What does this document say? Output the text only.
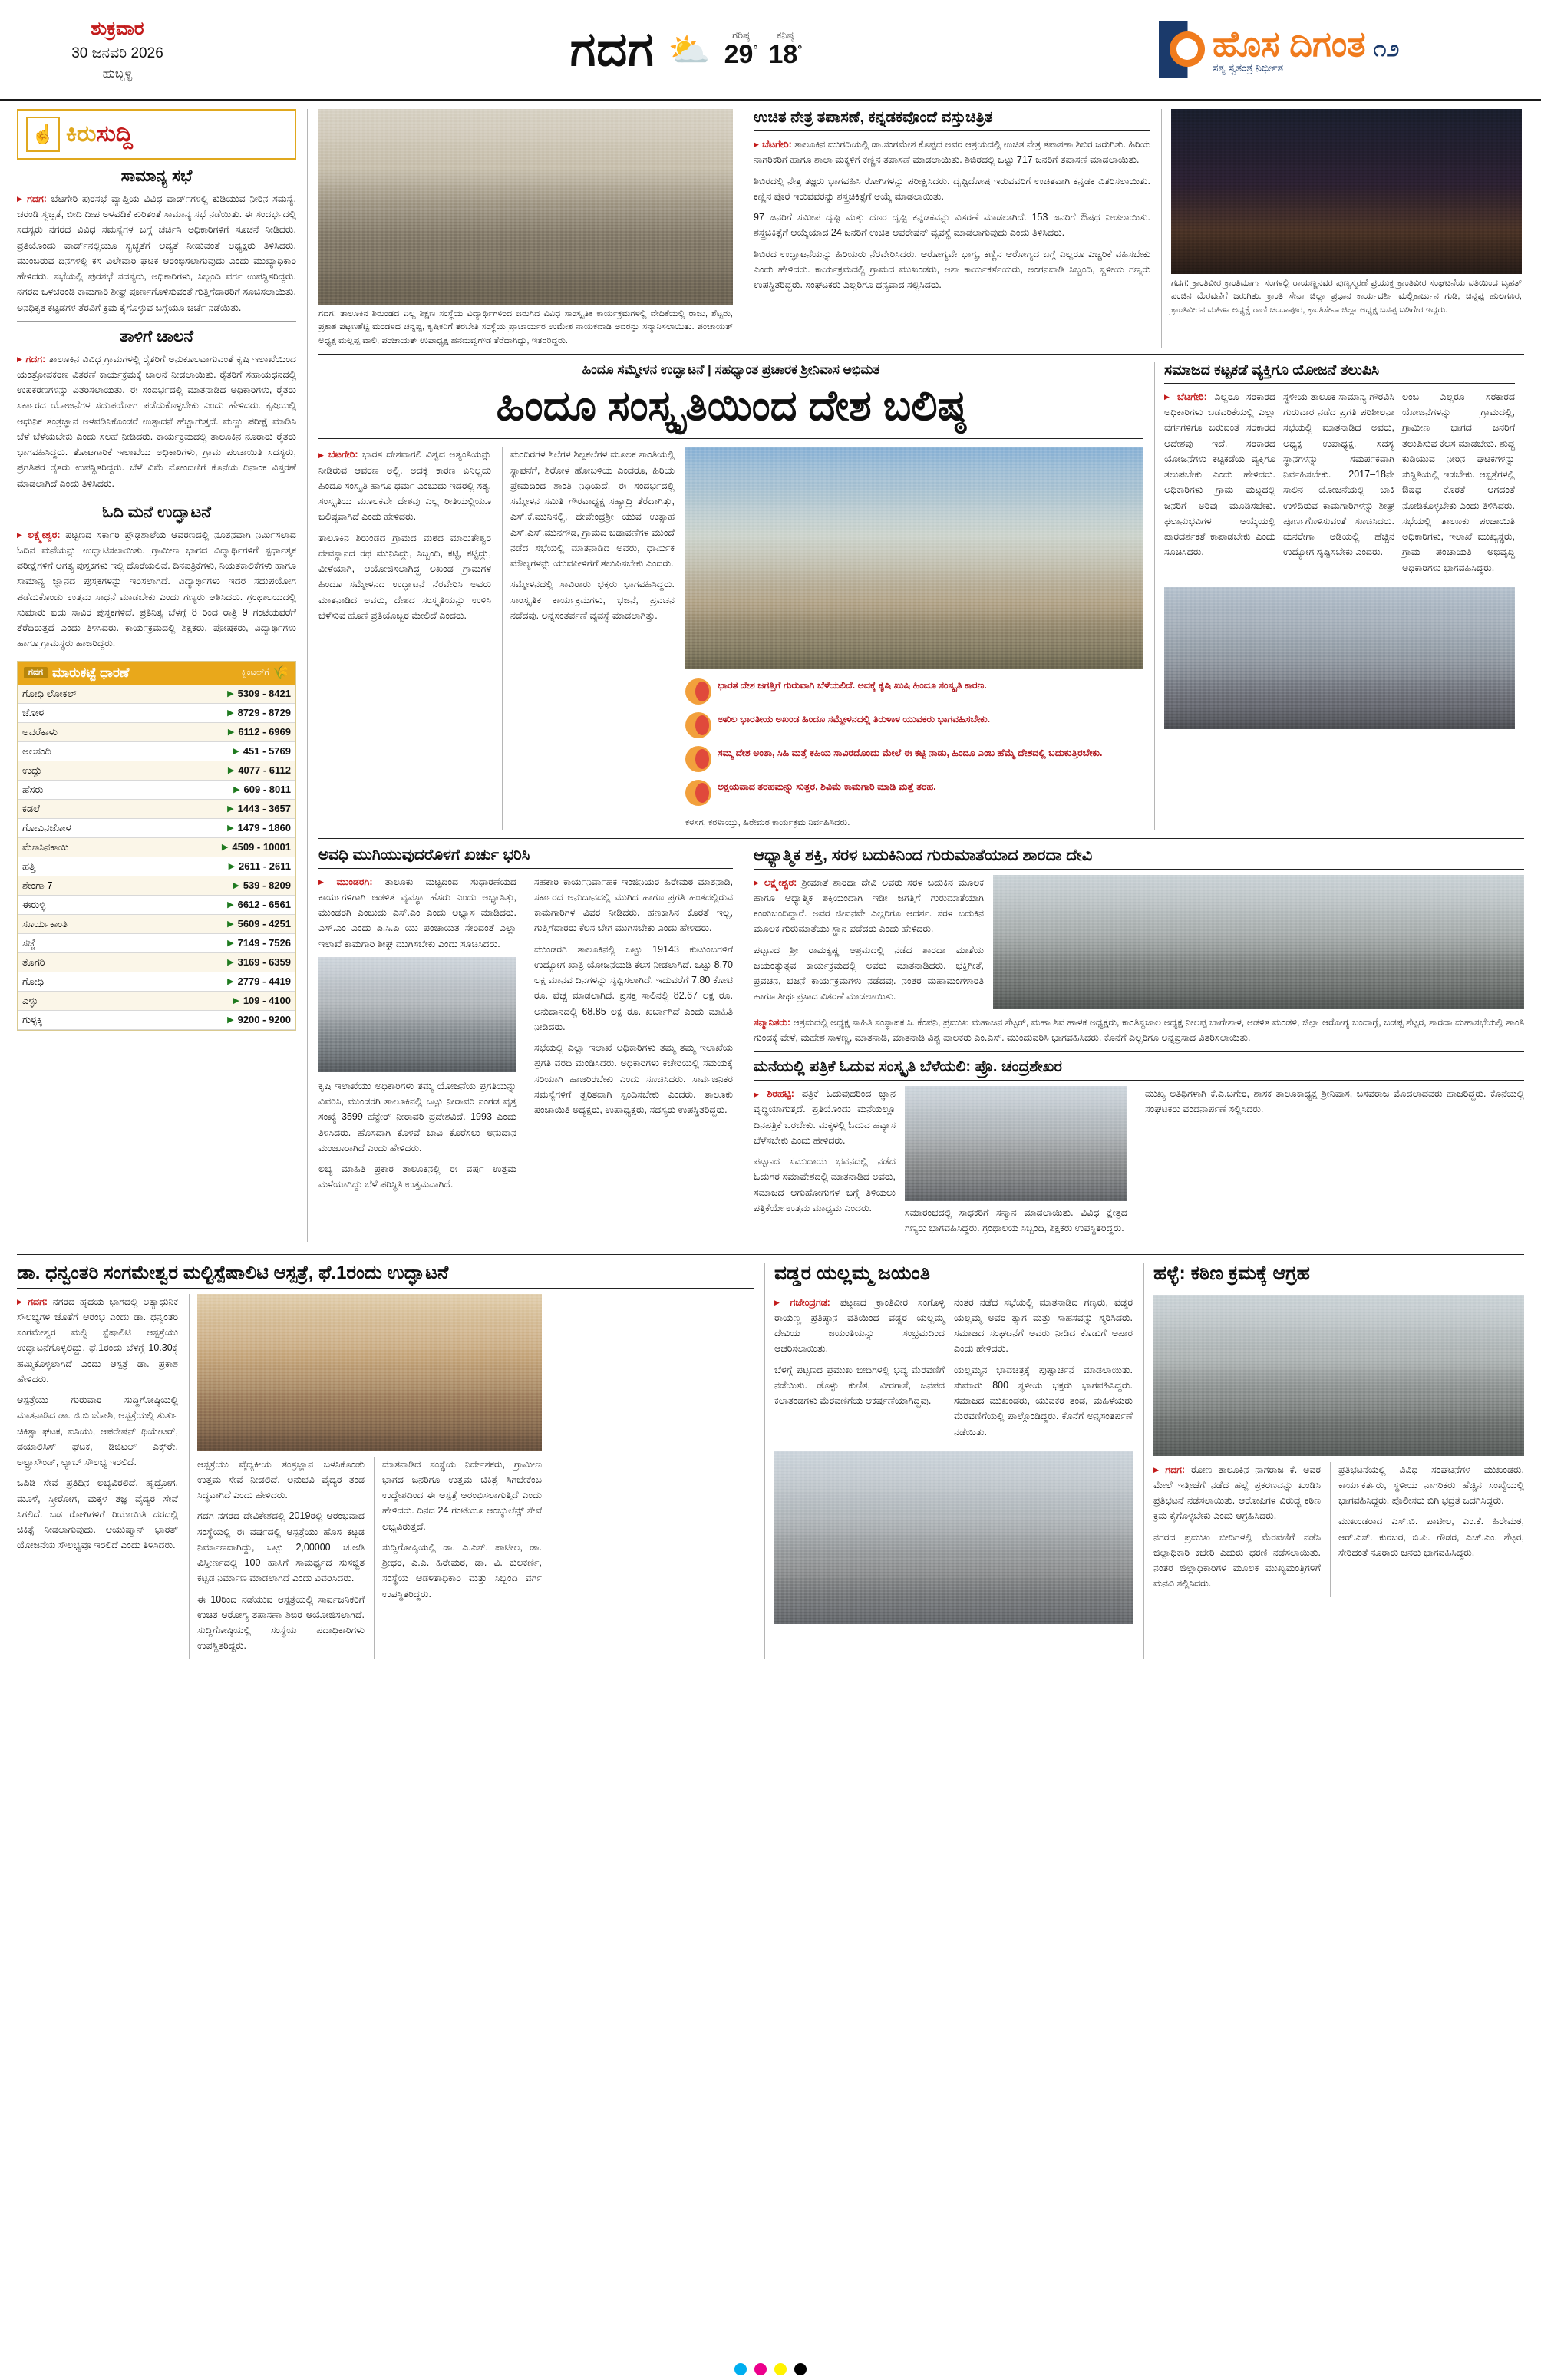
ಶುಕ್ರವಾರ
30 ಜನವರಿ 2026
ಹುಬ್ಬಳ್ಳಿ	ಗದಗ ⛅	ಗರಿಷ್ಠ
29°
ಕನಿಷ್ಠ
18°	ಹೊಸ ದಿಗಂತ
ಸತ್ಯ ಸ್ವತಂತ್ರ ನಿರ್ಭೀತ
೧೨
☝ ಕಿರುಸುದ್ದಿ
ಸಾಮಾನ್ಯ ಸಭೆ

▶ ಗದಗ: ಬೆಟಗೇರಿ ಪುರಸಭೆ ವ್ಯಾಪ್ತಿಯ ವಿವಿಧ ವಾರ್ಡ್‌ಗಳಲ್ಲಿ ಕುಡಿಯುವ ನೀರಿನ ಸಮಸ್ಯೆ, ಚರಂಡಿ ಸ್ವಚ್ಛತೆ, ಬೀದಿ ದೀಪ ಅಳವಡಿಕೆ ಕುರಿತಂತೆ ಸಾಮಾನ್ಯ ಸಭೆ ನಡೆಯಿತು. ಈ ಸಂದರ್ಭದಲ್ಲಿ ಸದಸ್ಯರು ನಗರದ ವಿವಿಧ ಸಮಸ್ಯೆಗಳ ಬಗ್ಗೆ ಚರ್ಚಿಸಿ ಅಧಿಕಾರಿಗಳಿಗೆ ಸೂಚನೆ ನೀಡಿದರು. ಪ್ರತಿಯೊಂದು ವಾರ್ಡ್‌ನಲ್ಲಿಯೂ ಸ್ವಚ್ಛತೆಗೆ ಆದ್ಯತೆ ನೀಡುವಂತೆ ಅಧ್ಯಕ್ಷರು ತಿಳಿಸಿದರು. ಮುಂಬರುವ ದಿನಗಳಲ್ಲಿ ಕಸ ವಿಲೇವಾರಿ ಘಟಕ ಆರಂಭಿಸಲಾಗುವುದು ಎಂದು ಮುಖ್ಯಾಧಿಕಾರಿ ಹೇಳಿದರು. ಸಭೆಯಲ್ಲಿ ಪುರಸಭೆ ಸದಸ್ಯರು, ಅಧಿಕಾರಿಗಳು, ಸಿಬ್ಬಂದಿ ವರ್ಗ ಉಪಸ್ಥಿತರಿದ್ದರು. ನಗರದ ಒಳಚರಂಡಿ ಕಾಮಗಾರಿ ಶೀಘ್ರ ಪೂರ್ಣಗೊಳಿಸುವಂತೆ ಗುತ್ತಿಗೆದಾರರಿಗೆ ಸೂಚಿಸಲಾಯಿತು. ಅನಧಿಕೃತ ಕಟ್ಟಡಗಳ ತೆರವಿಗೆ ಕ್ರಮ ಕೈಗೊಳ್ಳುವ ಬಗ್ಗೆಯೂ ಚರ್ಚೆ ನಡೆಯಿತು.

ತಾಳಿಗೆ ಚಾಲನೆ

▶ ಗದಗ: ತಾಲೂಕಿನ ವಿವಿಧ ಗ್ರಾಮಗಳಲ್ಲಿ ರೈತರಿಗೆ ಅನುಕೂಲವಾಗುವಂತೆ ಕೃಷಿ ಇಲಾಖೆಯಿಂದ ಯಂತ್ರೋಪಕರಣ ವಿತರಣೆ ಕಾರ್ಯಕ್ರಮಕ್ಕೆ ಚಾಲನೆ ನೀಡಲಾಯಿತು. ರೈತರಿಗೆ ಸಹಾಯಧನದಲ್ಲಿ ಉಪಕರಣಗಳನ್ನು ವಿತರಿಸಲಾಯಿತು. ಈ ಸಂದರ್ಭದಲ್ಲಿ ಮಾತನಾಡಿದ ಅಧಿಕಾರಿಗಳು, ರೈತರು ಸರ್ಕಾರದ ಯೋಜನೆಗಳ ಸದುಪಯೋಗ ಪಡೆದುಕೊಳ್ಳಬೇಕು ಎಂದು ಹೇಳಿದರು. ಕೃಷಿಯಲ್ಲಿ ಆಧುನಿಕ ತಂತ್ರಜ್ಞಾನ ಅಳವಡಿಸಿಕೊಂಡರೆ ಉತ್ಪಾದನೆ ಹೆಚ್ಚಾಗುತ್ತದೆ. ಮಣ್ಣು ಪರೀಕ್ಷೆ ಮಾಡಿಸಿ ಬೆಳೆ ಬೆಳೆಯಬೇಕು ಎಂದು ಸಲಹೆ ನೀಡಿದರು. ಕಾರ್ಯಕ್ರಮದಲ್ಲಿ ತಾಲೂಕಿನ ನೂರಾರು ರೈತರು ಭಾಗವಹಿಸಿದ್ದರು. ತೋಟಗಾರಿಕೆ ಇಲಾಖೆಯ ಅಧಿಕಾರಿಗಳು, ಗ್ರಾಮ ಪಂಚಾಯಿತಿ ಸದಸ್ಯರು, ಪ್ರಗತಿಪರ ರೈತರು ಉಪಸ್ಥಿತರಿದ್ದರು. ಬೆಳೆ ವಿಮೆ ನೋಂದಣಿಗೆ ಕೊನೆಯ ದಿನಾಂಕ ವಿಸ್ತರಣೆ ಮಾಡಲಾಗಿದೆ ಎಂದು ತಿಳಿಸಿದರು.

ಓದಿ ಮನೆ ಉದ್ಘಾಟನೆ

▶ ಲಕ್ಷ್ಮೇಶ್ವರ: ಪಟ್ಟಣದ ಸರ್ಕಾರಿ ಪ್ರೌಢಶಾಲೆಯ ಆವರಣದಲ್ಲಿ ನೂತನವಾಗಿ ನಿರ್ಮಿಸಲಾದ ಓದಿನ ಮನೆಯನ್ನು ಉದ್ಘಾಟಿಸಲಾಯಿತು. ಗ್ರಾಮೀಣ ಭಾಗದ ವಿದ್ಯಾರ್ಥಿಗಳಿಗೆ ಸ್ಪರ್ಧಾತ್ಮಕ ಪರೀಕ್ಷೆಗಳಿಗೆ ಅಗತ್ಯ ಪುಸ್ತಕಗಳು ಇಲ್ಲಿ ದೊರೆಯಲಿವೆ. ದಿನಪತ್ರಿಕೆಗಳು, ನಿಯತಕಾಲಿಕೆಗಳು ಹಾಗೂ ಸಾಮಾನ್ಯ ಜ್ಞಾನದ ಪುಸ್ತಕಗಳನ್ನು ಇರಿಸಲಾಗಿದೆ. ವಿದ್ಯಾರ್ಥಿಗಳು ಇದರ ಸದುಪಯೋಗ ಪಡೆದುಕೊಂಡು ಉತ್ತಮ ಸಾಧನೆ ಮಾಡಬೇಕು ಎಂದು ಗಣ್ಯರು ಆಶಿಸಿದರು. ಗ್ರಂಥಾಲಯದಲ್ಲಿ ಸುಮಾರು ಐದು ಸಾವಿರ ಪುಸ್ತಕಗಳಿವೆ. ಪ್ರತಿನಿತ್ಯ ಬೆಳಗ್ಗೆ 8 ರಿಂದ ರಾತ್ರಿ 9 ಗಂಟೆಯವರೆಗೆ ತೆರೆದಿರುತ್ತದೆ ಎಂದು ತಿಳಿಸಿದರು. ಕಾರ್ಯಕ್ರಮದಲ್ಲಿ ಶಿಕ್ಷಕರು, ಪೋಷಕರು, ವಿದ್ಯಾರ್ಥಿಗಳು ಹಾಗೂ ಗ್ರಾಮಸ್ಥರು ಹಾಜರಿದ್ದರು.

ಗದಗ ಮಾರುಕಟ್ಟೆ ಧಾರಣೆ	ಕ್ವಿಂಟಲ್‌ಗೆ 🌾
ಗೋಧಿ ಲೋಕಲ್	▶ 5309 - 8421
ಜೋಳ	▶ 8729 - 8729
ಅವರೆಕಾಳು	▶ 6112 - 6969
ಅಲಸಂದಿ	▶ 451 - 5769
ಉದ್ದು	▶ 4077 - 6112
ಹೆಸರು	▶ 609 - 8011
ಕಡಲೆ	▶ 1443 - 3657
ಗೋವಿನಜೋಳ	▶ 1479 - 1860
ಮೆಣಸಿನಕಾಯಿ	▶ 4509 - 10001
ಹತ್ತಿ	▶ 2611 - 2611
ಶೇಂಗಾ 7	▶ 539 - 8209
ಈರುಳ್ಳಿ	▶ 6612 - 6561
ಸೂರ್ಯಕಾಂತಿ	▶ 5609 - 4251
ಸಜ್ಜೆ	▶ 7149 - 7526
ತೊಗರಿ	▶ 3169 - 6359
ಗೋಧಿ	▶ 2779 - 4419
ಎಳ್ಳು	▶ 109 - 4100
ಗುಳ್ಳಕ್ಕಿ	▶ 9200 - 9200
ಗದಗ: ತಾಲೂಕಿನ ಶಿರುಂಡದ ಎಲ್ಲ ಶಿಕ್ಷಣ ಸಂಸ್ಥೆಯ ವಿದ್ಯಾರ್ಥಿಗಳಿಂದ ಜರುಗಿದ ವಿವಿಧ ಸಾಂಸ್ಕೃತಿಕ ಕಾರ್ಯಕ್ರಮಗಳಲ್ಲಿ ವೇದಿಕೆಯಲ್ಲಿ ರಾಜು, ಶೆಟ್ಟರು, ಪ್ರಕಾಶ ಪಟ್ಟಣಶೆಟ್ಟಿ ಮಂಡಳದ ಚನ್ನಪ್ಪ, ಕೃಷಿಕರಿಗೆ ತರಬೇತಿ ಸಂಸ್ಥೆಯ ಪ್ರಾಚಾರ್ಯರ ಉಮೇಶ ನಾಯಕವಾಡಿ ಅವರನ್ನು ಸನ್ಮಾನಿಸಲಾಯಿತು. ಪಂಚಾಯತ್ ಅಧ್ಯಕ್ಷ ಮಲ್ಲಪ್ಪ ವಾಲಿ, ಪಂಚಾಯತ್ ಉಪಾಧ್ಯಕ್ಷ ಹನಮವ್ವಗೌಡ ತೆರೆದಾಗಿದ್ದು, ಇತರರಿದ್ದರು.
ಉಚಿತ ನೇತ್ರ ತಪಾಸಣೆ, ಕನ್ನಡಕವೊಂದೆ ವಸ್ತುಚಿತ್ರಿತ

▶ ಬೆಟಗೇರಿ: ತಾಲೂಕಿನ ಮುಗದಿಯಲ್ಲಿ ಡಾ.ಸಂಗಮೇಶ ಕೊಪ್ಪದ ಅವರ ಆಶ್ರಯದಲ್ಲಿ ಉಚಿತ ನೇತ್ರ ತಪಾಸಣಾ ಶಿಬಿರ ಜರುಗಿತು. ಹಿರಿಯ ನಾಗರಿಕರಿಗೆ ಹಾಗೂ ಶಾಲಾ ಮಕ್ಕಳಿಗೆ ಕಣ್ಣಿನ ತಪಾಸಣೆ ಮಾಡಲಾಯಿತು. ಶಿಬಿರದಲ್ಲಿ ಒಟ್ಟು 717 ಜನರಿಗೆ ತಪಾಸಣೆ ಮಾಡಲಾಯಿತು.

ಶಿಬಿರದಲ್ಲಿ ನೇತ್ರ ತಜ್ಞರು ಭಾಗವಹಿಸಿ ರೋಗಿಗಳನ್ನು ಪರೀಕ್ಷಿಸಿದರು. ದೃಷ್ಟಿದೋಷ ಇರುವವರಿಗೆ ಉಚಿತವಾಗಿ ಕನ್ನಡಕ ವಿತರಿಸಲಾಯಿತು. ಕಣ್ಣಿನ ಪೊರೆ ಇರುವವರನ್ನು ಶಸ್ತ್ರಚಿಕಿತ್ಸೆಗೆ ಆಯ್ಕೆ ಮಾಡಲಾಯಿತು.

97 ಜನರಿಗೆ ಸಮೀಪ ದೃಷ್ಟಿ ಮತ್ತು ದೂರ ದೃಷ್ಟಿ ಕನ್ನಡಕವನ್ನು ವಿತರಣೆ ಮಾಡಲಾಗಿದೆ. 153 ಜನರಿಗೆ ಔಷಧ ನೀಡಲಾಯಿತು. ಶಸ್ತ್ರಚಿಕಿತ್ಸೆಗೆ ಆಯ್ಕೆಯಾದ 24 ಜನರಿಗೆ ಉಚಿತ ಆಪರೇಷನ್ ವ್ಯವಸ್ಥೆ ಮಾಡಲಾಗುವುದು ಎಂದು ತಿಳಿಸಿದರು.

ಶಿಬಿರದ ಉದ್ಘಾಟನೆಯನ್ನು ಹಿರಿಯರು ನೆರವೇರಿಸಿದರು. ಆರೋಗ್ಯವೇ ಭಾಗ್ಯ, ಕಣ್ಣಿನ ಆರೋಗ್ಯದ ಬಗ್ಗೆ ಎಲ್ಲರೂ ಎಚ್ಚರಿಕೆ ವಹಿಸಬೇಕು ಎಂದು ಹೇಳಿದರು. ಕಾರ್ಯಕ್ರಮದಲ್ಲಿ ಗ್ರಾಮದ ಮುಖಂಡರು, ಆಶಾ ಕಾರ್ಯಕರ್ತೆಯರು, ಅಂಗನವಾಡಿ ಸಿಬ್ಬಂದಿ, ಸ್ಥಳೀಯ ಗಣ್ಯರು ಉಪಸ್ಥಿತರಿದ್ದರು. ಸಂಘಟಕರು ಎಲ್ಲರಿಗೂ ಧನ್ಯವಾದ ಸಲ್ಲಿಸಿದರು.	ಗದಗ: ಕ್ರಾಂತಿವೀರ ಕ್ರಾಂತಿಮಾರ್ಗ ಸಂಗಳಲ್ಲಿ ರಾಯಣ್ಣನವರ ಪುಣ್ಯಸ್ಮರಣೆ ಪ್ರಯುಕ್ತ ಕ್ರಾಂತಿವೀರ ಸಂಘಟನೆಯ ವತಿಯಿಂದ ಬೃಹತ್ ಪಂಜಿನ ಮೆರವಣಿಗೆ ಜರುಗಿತು. ಕ್ರಾಂತಿ ಸೇನಾ ಜಿಲ್ಲಾ ಪ್ರಧಾನ ಕಾರ್ಯದರ್ಶಿ ಮಲ್ಲಿಕಾರ್ಜುನ ಗುಡಿ, ಚಿನ್ನಪ್ಪ ಹುಲಗೂರ, ಕ್ರಾಂತಿವೀರನ ಮಹಿಳಾ ಅಧ್ಯಕ್ಷೆ ರಾಣಿ ಚಂದಾಪೂರ, ಕ್ರಾಂತಿಸೇನಾ ಜಿಲ್ಲಾ ಅಧ್ಯಕ್ಷ ಬಸಪ್ಪ ಬಡಿಗೇರ ಇದ್ದರು.
ಹಿಂದೂ ಸಮ್ಮೇಳನ ಉದ್ಘಾಟನೆ | ಸಹಧ್ಯಾಂತ ಪ್ರಚಾರಕ ಶ್ರೀನಿವಾಸ ಅಭಿಮತ
ಹಿಂದೂ ಸಂಸ್ಕೃತಿಯಿಂದ ದೇಶ ಬಲಿಷ್ಠ

▶ ಬೆಟಗೇರಿ: ಭಾರತ ದೇಶವಾಗಲಿ ವಿಶ್ವದ ಅತ್ಯಂತಿಯನ್ನು ನೀಡಿರುವ ಆವರಣ ಅಲ್ಲಿ. ಅದಕ್ಕೆ ಕಾರಣ ಏನಿಲ್ಲದು ಹಿಂದೂ ಸಂಸ್ಕೃತಿ ಹಾಗೂ ಧರ್ಮ ಎಂಬುದು ಇದರಲ್ಲಿ ಸತ್ಯ. ಸಂಸ್ಕೃತಿಯ ಮೂಲಕವೇ ದೇಶವು ಎಲ್ಲ ರೀತಿಯಲ್ಲಿಯೂ ಬಲಿಷ್ಠವಾಗಿದೆ ಎಂದು ಹೇಳಿದರು.

ತಾಲೂಕಿನ ಶಿರುಂಡದ ಗ್ರಾಮದ ಮಠದ ಮಾರುತೇಶ್ವರ ದೇವಸ್ಥಾನದ ರಥ ಮುನಿಸಿದ್ದು, ಸಿಬ್ಬಂದಿ, ಕಟ್ಟಿ, ಕಟ್ಟಿದ್ದು, ವೀಳೆಯಾಗಿ, ಆಯೋಜಿಸಲಾಗಿದ್ದ ಅಖಂಡ ಗ್ರಾಮಗಳ ಹಿಂದೂ ಸಮ್ಮೇಳನದ ಉದ್ಘಾಟನೆ ನೆರವೇರಿಸಿ ಅವರು ಮಾತನಾಡಿದ ಅವರು, ದೇಶದ ಸಂಸ್ಕೃತಿಯನ್ನು ಉಳಿಸಿ ಬೆಳೆಸುವ ಹೊಣೆ ಪ್ರತಿಯೊಬ್ಬರ ಮೇಲಿದೆ ಎಂದರು.

ಮಂದಿರಗಳ ಶಿಲೆಗಳ ಶಿಲ್ಪಕಲೆಗಳ ಮೂಲಕ ಶಾಂತಿಯಲ್ಲಿ ಸ್ಥಾಪನೆಗೆ, ಶಿರೋಳ ಹೋಬಳಿಯ ಎಂದರೂ, ಹಿರಿಯ ಪ್ರೇಮದಿಂದ ಶಾಂತಿ ನಿಧಿಯದೆ. ಈ ಸಂದರ್ಭದಲ್ಲಿ ಸಮ್ಮೇಳನ ಸಮಿತಿ ಗೌರವಾಧ್ಯಕ್ಷ ಸಹ್ಯಾದ್ರಿ ತೆರೆದಾಗಿತ್ತು, ಎಸ್.ಕೆ.ಮುನಿನಲ್ಲಿ, ದೇವೇಂದ್ರಶ್ರೀ ಯುವ ಉತ್ಸಾಹ ಎಸ್.ಎಸ್.ಮುನಗೌಡ, ಗ್ರಾಮದ ಬಡಾವಣೆಗಳ ಮುಂದೆ ನಡೆದ ಸಭೆಯಲ್ಲಿ ಮಾತನಾಡಿದ ಅವರು, ಧಾರ್ಮಿಕ ಮೌಲ್ಯಗಳನ್ನು ಯುವಪೀಳಿಗೆಗೆ ತಲುಪಿಸಬೇಕು ಎಂದರು.

ಸಮ್ಮೇಳನದಲ್ಲಿ ಸಾವಿರಾರು ಭಕ್ತರು ಭಾಗವಹಿಸಿದ್ದರು. ಸಾಂಸ್ಕೃತಿಕ ಕಾರ್ಯಕ್ರಮಗಳು, ಭಜನೆ, ಪ್ರವಚನ ನಡೆದವು. ಅನ್ನಸಂತರ್ಪಣೆ ವ್ಯವಸ್ಥೆ ಮಾಡಲಾಗಿತ್ತು.

ಭಾರತ ದೇಶ ಜಗತ್ತಿಗೆ ಗುರುವಾಗಿ ಬೆಳೆಯಲಿದೆ. ಅದಕ್ಕೆ ಕೃಷಿ ಖುಷಿ ಹಿಂದೂ ಸಂಸ್ಕೃತಿ ಕಾರಣ.
ಅಖಿಲ ಭಾರತೀಯ ಅಖಂಡ ಹಿಂದೂ ಸಮ್ಮೇಳನದಲ್ಲಿ ತಿರುಳಾಳ ಯುವಕರು ಭಾಗವಹಿಸಬೇಕು.
ಸಮ್ಮ ದೇಶ ಅಂತಾ, ಸಿಹಿ ಮತ್ತೆ ಕಹಿಯ ಸಾವಿರದೊಂದು ಮೇಲೆ ಈ ಕಟ್ಟಿ ನಾಡು, ಹಿಂದೂ ಎಂಬ ಹೆಮ್ಮೆ ದೇಶದಲ್ಲಿ ಬದುಕುತ್ತಿರಬೇಕು.
ಅಕ್ಷಯವಾದ ತರಹಮನ್ನು ಸುತ್ತರ, ಶಿವಿಮೆ ಕಾಮಗಾರಿ ಮಾಡಿ ಮತ್ತೆ ತರಹ.
ಕಳಸಗ, ಕರಳಾಯ್ತು, ಹಿರೇಮಠ ಕಾರ್ಯಕ್ರಮ ನಿರ್ವಹಿಸಿದರು.
ಸಮಾಜದ ಕಟ್ಟಕಡೆ ವ್ಯಕ್ತಿಗೂ ಯೋಜನೆ ತಲುಪಿಸಿ

▶ ಬೆಟಗೇರಿ: ಎಲ್ಲರೂ ಸರಕಾರದ ಅಧಿಕಾರಿಗಳು ಬಡವರಿಕೆಯಲ್ಲಿ ಎಲ್ಲಾ ವರ್ಗಗಳಿಗೂ ಬರುವಂತೆ ಸರಕಾರದ ಆದೇಶವು ಇದೆ. ಸರಕಾರದ ಯೋಜನೆಗಳು ಕಟ್ಟಕಡೆಯ ವ್ಯಕ್ತಿಗೂ ತಲುಪಬೇಕು ಎಂದು ಹೇಳಿದರು. ಅಧಿಕಾರಿಗಳು ಗ್ರಾಮ ಮಟ್ಟದಲ್ಲಿ ಜನರಿಗೆ ಅರಿವು ಮೂಡಿಸಬೇಕು. ಫಲಾನುಭವಿಗಳ ಆಯ್ಕೆಯಲ್ಲಿ ಪಾರದರ್ಶಕತೆ ಕಾಪಾಡಬೇಕು ಎಂದು ಸೂಚಿಸಿದರು.

ಸ್ಥಳೀಯ ತಾಲೂಕ ಸಾಮಾನ್ಯ ಗೌರವಿಸಿ ಗುರುವಾರ ನಡೆದ ಪ್ರಗತಿ ಪರಿಶೀಲನಾ ಸಭೆಯಲ್ಲಿ ಮಾತನಾಡಿದ ಅವರು, ಅಧ್ಯಕ್ಷ ಉಪಾಧ್ಯಕ್ಷ, ಸದಸ್ಯ ಸ್ಥಾನಗಳನ್ನು ಸಮರ್ಪಕವಾಗಿ ನಿರ್ವಹಿಸಬೇಕು. 2017–18ನೇ ಸಾಲಿನ ಯೋಜನೆಯಲ್ಲಿ ಬಾಕಿ ಉಳಿದಿರುವ ಕಾಮಗಾರಿಗಳನ್ನು ಶೀಘ್ರ ಪೂರ್ಣಗೊಳಿಸುವಂತೆ ಸೂಚಿಸಿದರು. ಮನರೇಗಾ ಅಡಿಯಲ್ಲಿ ಹೆಚ್ಚಿನ ಉದ್ಯೋಗ ಸೃಷ್ಟಿಸಬೇಕು ಎಂದರು.

ಲಂಬ ಎಲ್ಲರೂ ಸರಕಾರದ ಯೋಜನೆಗಳನ್ನು ಗ್ರಾಮದಲ್ಲಿ, ಗ್ರಾಮೀಣ ಭಾಗದ ಜನರಿಗೆ ತಲುಪಿಸುವ ಕೆಲಸ ಮಾಡಬೇಕು. ಶುದ್ಧ ಕುಡಿಯುವ ನೀರಿನ ಘಟಕಗಳನ್ನು ಸುಸ್ಥಿತಿಯಲ್ಲಿ ಇಡಬೇಕು. ಆಸ್ಪತ್ರೆಗಳಲ್ಲಿ ಔಷಧ ಕೊರತೆ ಆಗದಂತೆ ನೋಡಿಕೊಳ್ಳಬೇಕು ಎಂದು ತಿಳಿಸಿದರು. ಸಭೆಯಲ್ಲಿ ತಾಲೂಕು ಪಂಚಾಯಿತಿ ಅಧಿಕಾರಿಗಳು, ಇಲಾಖೆ ಮುಖ್ಯಸ್ಥರು, ಗ್ರಾಮ ಪಂಚಾಯಿತಿ ಅಭಿವೃದ್ಧಿ ಅಧಿಕಾರಿಗಳು ಭಾಗವಹಿಸಿದ್ದರು.

ಅವಧಿ ಮುಗಿಯುವುದರೊಳಗೆ ಖರ್ಚು ಭರಿಸಿ

▶ ಮುಂಡರಗಿ: ತಾಲೂಕು ಮಟ್ಟದಿಂದ ಸುಧಾರಣೆಯದ ಕಾರ್ಯಗಳಿಗಾಗಿ ಆಡಳಿತ ವ್ಯವಸ್ಥಾ ಹೆಸರು ಎಂದು ಅಭ್ಯಾಸಿತ್ತು, ಮುಂಡರಗಿ ಎಂಬುದು ಎಸ್.ಎಂ ಎಂದು ಅಭ್ಯಾಸ ಮಾಡಿದರು. ಎಸ್.ಎಂ ಎಂದು ಪಿ.ಸಿ.ಪಿ ಯು ಪಂಚಾಯತ ಸೇರಿದಂತೆ ಎಲ್ಲಾ ಇಲಾಖೆ ಕಾಮಗಾರಿ ಶೀಘ್ರ ಮುಗಿಸಬೇಕು ಎಂದು ಸೂಚಿಸಿದರು.

ಕೃಷಿ ಇಲಾಖೆಯು ಅಧಿಕಾರಿಗಳು ತಮ್ಮ ಯೋಜನೆಯ ಪ್ರಗತಿಯನ್ನು ವಿವರಿಸಿ, ಮುಂಡರಗಿ ತಾಲೂಕಿನಲ್ಲಿ ಒಟ್ಟು ನೀರಾವರಿ ನಂಗಡ ವೃತ್ತ ಸಂಖ್ಯೆ 3599 ಹೆಕ್ಟೇರ್ ನೀರಾವರಿ ಪ್ರದೇಶವಿದೆ. 1993 ಎಂದು ತಿಳಿಸಿದರು. ಹೊಸದಾಗಿ ಕೊಳವೆ ಬಾವಿ ಕೊರೆಸಲು ಅನುದಾನ ಮಂಜೂರಾಗಿದೆ ಎಂದು ಹೇಳಿದರು.

ಲಭ್ಯ ಮಾಹಿತಿ ಪ್ರಕಾರ ತಾಲೂಕಿನಲ್ಲಿ ಈ ವರ್ಷ ಉತ್ತಮ ಮಳೆಯಾಗಿದ್ದು ಬೆಳೆ ಪರಿಸ್ಥಿತಿ ಉತ್ತಮವಾಗಿದೆ.

ಸಹಕಾರಿ ಕಾರ್ಯನಿರ್ವಾಹಕ ಇಂಜಿನಿಯರ ಹಿರೇಮಠ ಮಾತನಾಡಿ, ಸರ್ಕಾರದ ಅನುದಾನದಲ್ಲಿ ಮುಗಿದ ಹಾಗೂ ಪ್ರಗತಿ ಹಂತದಲ್ಲಿರುವ ಕಾಮಗಾರಿಗಳ ವಿವರ ನೀಡಿದರು. ಹಣಕಾಸಿನ ಕೊರತೆ ಇಲ್ಲ, ಗುತ್ತಿಗೆದಾರರು ಕೆಲಸ ಬೇಗ ಮುಗಿಸಬೇಕು ಎಂದು ಹೇಳಿದರು.

ಮುಂಡರಗಿ ತಾಲೂಕಿನಲ್ಲಿ ಒಟ್ಟು 19143 ಕುಟುಂಬಗಳಿಗೆ ಉದ್ಯೋಗ ಖಾತ್ರಿ ಯೋಜನೆಯಡಿ ಕೆಲಸ ನೀಡಲಾಗಿದೆ. ಒಟ್ಟು 8.70 ಲಕ್ಷ ಮಾನವ ದಿನಗಳನ್ನು ಸೃಷ್ಟಿಸಲಾಗಿದೆ. ಇದುವರೆಗೆ 7.80 ಕೋಟಿ ರೂ. ವೆಚ್ಚ ಮಾಡಲಾಗಿದೆ. ಪ್ರಸಕ್ತ ಸಾಲಿನಲ್ಲಿ 82.67 ಲಕ್ಷ ರೂ. ಅನುದಾನದಲ್ಲಿ 68.85 ಲಕ್ಷ ರೂ. ಖರ್ಚಾಗಿದೆ ಎಂದು ಮಾಹಿತಿ ನೀಡಿದರು.

ಸಭೆಯಲ್ಲಿ ಎಲ್ಲಾ ಇಲಾಖೆ ಅಧಿಕಾರಿಗಳು ತಮ್ಮ ತಮ್ಮ ಇಲಾಖೆಯ ಪ್ರಗತಿ ವರದಿ ಮಂಡಿಸಿದರು. ಅಧಿಕಾರಿಗಳು ಕಚೇರಿಯಲ್ಲಿ ಸಮಯಕ್ಕೆ ಸರಿಯಾಗಿ ಹಾಜರಿರಬೇಕು ಎಂದು ಸೂಚಿಸಿದರು. ಸಾರ್ವಜನಿಕರ ಸಮಸ್ಯೆಗಳಿಗೆ ತ್ವರಿತವಾಗಿ ಸ್ಪಂದಿಸಬೇಕು ಎಂದರು. ತಾಲೂಕು ಪಂಚಾಯಿತಿ ಅಧ್ಯಕ್ಷರು, ಉಪಾಧ್ಯಕ್ಷರು, ಸದಸ್ಯರು ಉಪಸ್ಥಿತರಿದ್ದರು.

ಆಧ್ಯಾತ್ಮಿಕ ಶಕ್ತಿ, ಸರಳ ಬದುಕಿನಿಂದ ಗುರುಮಾತೆಯಾದ ಶಾರದಾ ದೇವಿ

▶ ಲಕ್ಷ್ಮೇಶ್ವರ: ಶ್ರೀಮಾತೆ ಶಾರದಾ ದೇವಿ ಅವರು ಸರಳ ಬದುಕಿನ ಮೂಲಕ ಹಾಗೂ ಆಧ್ಯಾತ್ಮಿಕ ಶಕ್ತಿಯಿಂದಾಗಿ ಇಡೀ ಜಗತ್ತಿಗೆ ಗುರುಮಾತೆಯಾಗಿ ಕಂಡುಬಂದಿದ್ದಾರೆ. ಅವರ ಜೀವನವೇ ಎಲ್ಲರಿಗೂ ಆದರ್ಶ. ಸರಳ ಬದುಕಿನ ಮೂಲಕ ಗುರುಮಾತೆಯು ಸ್ಥಾನ ಪಡೆದರು ಎಂದು ಹೇಳಿದರು.

ಪಟ್ಟಣದ ಶ್ರೀ ರಾಮಕೃಷ್ಣ ಆಶ್ರಮದಲ್ಲಿ ನಡೆದ ಶಾರದಾ ಮಾತೆಯ ಜಯಂತ್ಯುತ್ಸವ ಕಾರ್ಯಕ್ರಮದಲ್ಲಿ ಅವರು ಮಾತನಾಡಿದರು. ಭಕ್ತಿಗೀತೆ, ಪ್ರವಚನ, ಭಜನೆ ಕಾರ್ಯಕ್ರಮಗಳು ನಡೆದವು. ನಂತರ ಮಹಾಮಂಗಳಾರತಿ ಹಾಗೂ ತೀರ್ಥಪ್ರಸಾದ ವಿತರಣೆ ಮಾಡಲಾಯಿತು.

ಸನ್ಮಾನಿತರು: ಆಶ್ರಮದಲ್ಲಿ ಅಧ್ಯಕ್ಷ ಸಾಹಿತಿ ಸಂಸ್ಥಾಪಕ ಸಿ. ಕೆಂಪನಿ, ಪ್ರಮುಖ ಮಹಾಜನ ಶೆಟ್ಟರ್, ಮಹಾ ಶಿವ ಹಾಳಕ ಅಧ್ಯಕ್ಷರು, ಕಾಂತಿಸ್ಥಜಾಲ ಅಧ್ಯಕ್ಷ ನೀಲಪ್ಪ ಬಾಗೇಶಾಳ, ಆಡಳಿತ ಮಂಡಳಿ, ಜಿಲ್ಲಾ ಆರೋಗ್ಯ ಬಂದಾಗ್ಗೆ, ಬಡಪ್ಪ ಶೆಟ್ಟರ, ಶಾರದಾ ಮಹಾಸಭೆಯಲ್ಲಿ ಶಾಂತಿ ಗುಂಡಕ್ಕೆ ವೇಳೆ, ಮಹೇಶ ಸಾಳಣ್ಣ, ಮಾತನಾಡಿ, ಮಾತನಾಡಿ ವಿಶ್ವ ಪಾಲಕರು ಎಂ.ಎಸ್. ಮುಂದುವರಿಸಿ ಭಾಗವಹಿಸಿದರು. ಕೊನೆಗೆ ಎಲ್ಲರಿಗೂ ಅನ್ನಪ್ರಸಾದ ವಿತರಿಸಲಾಯಿತು.

ಮನೆಯಲ್ಲಿ ಪತ್ರಿಕೆ ಓದುವ ಸಂಸ್ಕೃತಿ ಬೆಳೆಯಲಿ: ಪ್ರೊ. ಚಂದ್ರಶೇಖರ

▶ ಶಿರಹಟ್ಟಿ: ಪತ್ರಿಕೆ ಓದುವುದರಿಂದ ಜ್ಞಾನ ವೃದ್ಧಿಯಾಗುತ್ತದೆ. ಪ್ರತಿಯೊಂದು ಮನೆಯಲ್ಲೂ ದಿನಪತ್ರಿಕೆ ಬರಬೇಕು. ಮಕ್ಕಳಲ್ಲಿ ಓದುವ ಹವ್ಯಾಸ ಬೆಳೆಸಬೇಕು ಎಂದು ಹೇಳಿದರು.

ಪಟ್ಟಣದ ಸಮುದಾಯ ಭವನದಲ್ಲಿ ನಡೆದ ಓದುಗರ ಸಮಾವೇಶದಲ್ಲಿ ಮಾತನಾಡಿದ ಅವರು, ಸಮಾಜದ ಆಗುಹೋಗುಗಳ ಬಗ್ಗೆ ತಿಳಿಯಲು ಪತ್ರಿಕೆಯೇ ಉತ್ತಮ ಮಾಧ್ಯಮ ಎಂದರು.	ಸಮಾರಂಭದಲ್ಲಿ ಸಾಧಕರಿಗೆ ಸನ್ಮಾನ ಮಾಡಲಾಯಿತು. ವಿವಿಧ ಕ್ಷೇತ್ರದ ಗಣ್ಯರು ಭಾಗವಹಿಸಿದ್ದರು. ಗ್ರಂಥಾಲಯ ಸಿಬ್ಬಂದಿ, ಶಿಕ್ಷಕರು ಉಪಸ್ಥಿತರಿದ್ದರು.

ಮುಖ್ಯ ಅತಿಥಿಗಳಾಗಿ ಕೆ.ಎ.ಬಗೇರ, ಶಾಸಕ ತಾಲೂಕಾಧ್ಯಕ್ಷ ಶ್ರೀನಿವಾಸ, ಬಸವರಾಜ ಮೊದಲಾದವರು ಹಾಜರಿದ್ದರು. ಕೊನೆಯಲ್ಲಿ ಸಂಘಟಕರು ವಂದನಾರ್ಪಣೆ ಸಲ್ಲಿಸಿದರು.

ಡಾ. ಧನ್ವಂತರಿ ಸಂಗಮೇಶ್ವರ ಮಲ್ಟಿಸ್ಪೆಷಾಲಿಟಿ ಆಸ್ಪತ್ರೆ, ಫೆ.1ರಂದು ಉದ್ಘಾಟನೆ

▶ ಗದಗ: ನಗರದ ಹೃದಯ ಭಾಗದಲ್ಲಿ ಅತ್ಯಾಧುನಿಕ ಸೌಲಭ್ಯಗಳ ಜೊತೆಗೆ ಆರಂಭ ಎಂದು ಡಾ. ಧನ್ವಂತರಿ ಸಂಗಮೇಶ್ವರ ಮಲ್ಟಿ ಸ್ಪೆಷಾಲಿಟಿ ಆಸ್ಪತ್ರೆಯು ಉದ್ಘಾಟನೆಗೊಳ್ಳಲಿದ್ದು, ಫೆ.1ರಂದು ಬೆಳಗ್ಗೆ 10.30ಕ್ಕೆ ಹಮ್ಮಿಕೊಳ್ಳಲಾಗಿದೆ ಎಂದು ಆಸ್ಪತ್ರೆ ಡಾ. ಪ್ರಕಾಶ ಹೇಳಿದರು.

ಆಸ್ಪತ್ರೆಯು ಗುರುವಾರ ಸುದ್ದಿಗೋಷ್ಠಿಯಲ್ಲಿ ಮಾತನಾಡಿದ ಡಾ. ಜಿ.ಬಿ ಜೋಶಿ, ಆಸ್ಪತ್ರೆಯಲ್ಲಿ ತುರ್ತು ಚಿಕಿತ್ಸಾ ಘಟಕ, ಐಸಿಯು, ಆಪರೇಷನ್ ಥಿಯೇಟರ್, ಡಯಾಲಿಸಿಸ್ ಘಟಕ, ಡಿಜಿಟಲ್ ಎಕ್ಸ್‌ರೇ, ಅಲ್ಟ್ರಾಸೌಂಡ್, ಲ್ಯಾಬ್ ಸೌಲಭ್ಯ ಇರಲಿದೆ.

ಒಪಿಡಿ ಸೇವೆ ಪ್ರತಿದಿನ ಲಭ್ಯವಿರಲಿದೆ. ಹೃದ್ರೋಗ, ಮೂಳೆ, ಸ್ತ್ರೀರೋಗ, ಮಕ್ಕಳ ತಜ್ಞ ವೈದ್ಯರ ಸೇವೆ ಸಿಗಲಿದೆ. ಬಡ ರೋಗಿಗಳಿಗೆ ರಿಯಾಯಿತಿ ದರದಲ್ಲಿ ಚಿಕಿತ್ಸೆ ನೀಡಲಾಗುವುದು. ಆಯುಷ್ಮಾನ್ ಭಾರತ್ ಯೋಜನೆಯ ಸೌಲಭ್ಯವೂ ಇರಲಿದೆ ಎಂದು ತಿಳಿಸಿದರು.

ಆಸ್ಪತ್ರೆಯು ವೈದ್ಯಕೀಯ ತಂತ್ರಜ್ಞಾನ ಬಳಸಿಕೊಂಡು ಉತ್ತಮ ಸೇವೆ ನೀಡಲಿದೆ. ಅನುಭವಿ ವೈದ್ಯರ ತಂಡ ಸಿದ್ಧವಾಗಿದೆ ಎಂದು ಹೇಳಿದರು.

ಗದಗ ನಗರದ ದೇವಿಕೇಶದಲ್ಲಿ 2019ರಲ್ಲಿ ಆರಂಭವಾದ ಸಂಸ್ಥೆಯಲ್ಲಿ ಈ ವರ್ಷದಲ್ಲಿ ಆಸ್ಪತ್ರೆಯು ಹೊಸ ಕಟ್ಟಡ ನಿರ್ಮಾಣವಾಗಿದ್ದು, ಒಟ್ಟು 2,00000 ಚ.ಅಡಿ ವಿಸ್ತೀರ್ಣದಲ್ಲಿ 100 ಹಾಸಿಗೆ ಸಾಮರ್ಥ್ಯದ ಸುಸಜ್ಜಿತ ಕಟ್ಟಡ ನಿರ್ಮಾಣ ಮಾಡಲಾಗಿದೆ ಎಂದು ವಿವರಿಸಿದರು.

ಈ 10ರಿಂದ ನಡೆಯುವ ಆಸ್ಪತ್ರೆಯಲ್ಲಿ ಸಾರ್ವಜನಿಕರಿಗೆ ಉಚಿತ ಆರೋಗ್ಯ ತಪಾಸಣಾ ಶಿಬಿರ ಆಯೋಜಿಸಲಾಗಿದೆ. ಸುದ್ದಿಗೋಷ್ಠಿಯಲ್ಲಿ ಸಂಸ್ಥೆಯ ಪದಾಧಿಕಾರಿಗಳು ಉಪಸ್ಥಿತರಿದ್ದರು.

ಮಾತನಾಡಿದ ಸಂಸ್ಥೆಯ ನಿರ್ದೇಶಕರು, ಗ್ರಾಮೀಣ ಭಾಗದ ಜನರಿಗೂ ಉತ್ತಮ ಚಿಕಿತ್ಸೆ ಸಿಗಬೇಕೆಂಬ ಉದ್ದೇಶದಿಂದ ಈ ಆಸ್ಪತ್ರೆ ಆರಂಭಿಸಲಾಗುತ್ತಿದೆ ಎಂದು ಹೇಳಿದರು. ದಿನದ 24 ಗಂಟೆಯೂ ಆಂಬ್ಯುಲೆನ್ಸ್ ಸೇವೆ ಲಭ್ಯವಿರುತ್ತದೆ.

ಸುದ್ದಿಗೋಷ್ಠಿಯಲ್ಲಿ ಡಾ. ಎ.ಎಸ್. ಪಾಟೀಲ, ಡಾ. ಶ್ರೀಧರ, ಎ.ಎ. ಹಿರೇಮಠ, ಡಾ. ವಿ. ಕುಲಕರ್ಣಿ, ಸಂಸ್ಥೆಯ ಆಡಳಿತಾಧಿಕಾರಿ ಮತ್ತು ಸಿಬ್ಬಂದಿ ವರ್ಗ ಉಪಸ್ಥಿತರಿದ್ದರು.

ವಡ್ಡರ ಯಲ್ಲಮ್ಮ ಜಯಂತಿ

▶ ಗಜೇಂದ್ರಗಡ: ಪಟ್ಟಣದ ಕ್ರಾಂತಿವೀರ ಸಂಗೊಳ್ಳಿ ರಾಯಣ್ಣ ಪ್ರತಿಷ್ಠಾನ ವತಿಯಿಂದ ವಡ್ಡರ ಯಲ್ಲಮ್ಮ ದೇವಿಯ ಜಯಂತಿಯನ್ನು ಸಂಭ್ರಮದಿಂದ ಆಚರಿಸಲಾಯಿತು.

ಬೆಳಗ್ಗೆ ಪಟ್ಟಣದ ಪ್ರಮುಖ ಬೀದಿಗಳಲ್ಲಿ ಭವ್ಯ ಮೆರವಣಿಗೆ ನಡೆಯಿತು. ಡೊಳ್ಳು ಕುಣಿತ, ವೀರಗಾಸೆ, ಜನಪದ ಕಲಾತಂಡಗಳು ಮೆರವಣಿಗೆಯ ಆಕರ್ಷಣೆಯಾಗಿದ್ದವು.

ನಂತರ ನಡೆದ ಸಭೆಯಲ್ಲಿ ಮಾತನಾಡಿದ ಗಣ್ಯರು, ವಡ್ಡರ ಯಲ್ಲಮ್ಮ ಅವರ ತ್ಯಾಗ ಮತ್ತು ಸಾಹಸವನ್ನು ಸ್ಮರಿಸಿದರು. ಸಮಾಜದ ಸಂಘಟನೆಗೆ ಅವರು ನೀಡಿದ ಕೊಡುಗೆ ಅಪಾರ ಎಂದು ಹೇಳಿದರು.

ಯಲ್ಲಮ್ಮನ ಭಾವಚಿತ್ರಕ್ಕೆ ಪುಷ್ಪಾರ್ಚನೆ ಮಾಡಲಾಯಿತು. ಸುಮಾರು 800 ಸ್ಥಳೀಯ ಭಕ್ತರು ಭಾಗವಹಿಸಿದ್ದರು. ಸಮಾಜದ ಮುಖಂಡರು, ಯುವಕರ ತಂಡ, ಮಹಿಳೆಯರು ಮೆರವಣಿಗೆಯಲ್ಲಿ ಪಾಲ್ಗೊಂಡಿದ್ದರು. ಕೊನೆಗೆ ಅನ್ನಸಂತರ್ಪಣೆ ನಡೆಯಿತು.

ಹಳ್ಳೆ: ಕಠಿಣ ಕ್ರಮಕ್ಕೆ ಆಗ್ರಹ

▶ ಗದಗ: ರೋಣ ತಾಲೂಕಿನ ನಾಗರಾಜ ಕೆ. ಅವರ ಮೇಲೆ ಇತ್ತೀಚೆಗೆ ನಡೆದ ಹಲ್ಲೆ ಪ್ರಕರಣವನ್ನು ಖಂಡಿಸಿ ಪ್ರತಿಭಟನೆ ನಡೆಸಲಾಯಿತು. ಆರೋಪಿಗಳ ವಿರುದ್ಧ ಕಠಿಣ ಕ್ರಮ ಕೈಗೊಳ್ಳಬೇಕು ಎಂದು ಆಗ್ರಹಿಸಿದರು.

ನಗರದ ಪ್ರಮುಖ ಬೀದಿಗಳಲ್ಲಿ ಮೆರವಣಿಗೆ ನಡೆಸಿ ಜಿಲ್ಲಾಧಿಕಾರಿ ಕಚೇರಿ ಎದುರು ಧರಣಿ ನಡೆಸಲಾಯಿತು. ನಂತರ ಜಿಲ್ಲಾಧಿಕಾರಿಗಳ ಮೂಲಕ ಮುಖ್ಯಮಂತ್ರಿಗಳಿಗೆ ಮನವಿ ಸಲ್ಲಿಸಿದರು.

ಪ್ರತಿಭಟನೆಯಲ್ಲಿ ವಿವಿಧ ಸಂಘಟನೆಗಳ ಮುಖಂಡರು, ಕಾರ್ಯಕರ್ತರು, ಸ್ಥಳೀಯ ನಾಗರಿಕರು ಹೆಚ್ಚಿನ ಸಂಖ್ಯೆಯಲ್ಲಿ ಭಾಗವಹಿಸಿದ್ದರು. ಪೊಲೀಸರು ಬಿಗಿ ಭದ್ರತೆ ಒದಗಿಸಿದ್ದರು.

ಮುಖಂಡರಾದ ಎಸ್.ಬಿ. ಪಾಟೀಲ, ಎಂ.ಕೆ. ಹಿರೇಮಠ, ಆರ್.ಎಸ್. ಕುರಬರ, ಬಿ.ಪಿ. ಗೌಡರ, ಎಚ್.ಎಂ. ಶೆಟ್ಟರ, ಸೇರಿದಂತೆ ನೂರಾರು ಜನರು ಭಾಗವಹಿಸಿದ್ದರು.
